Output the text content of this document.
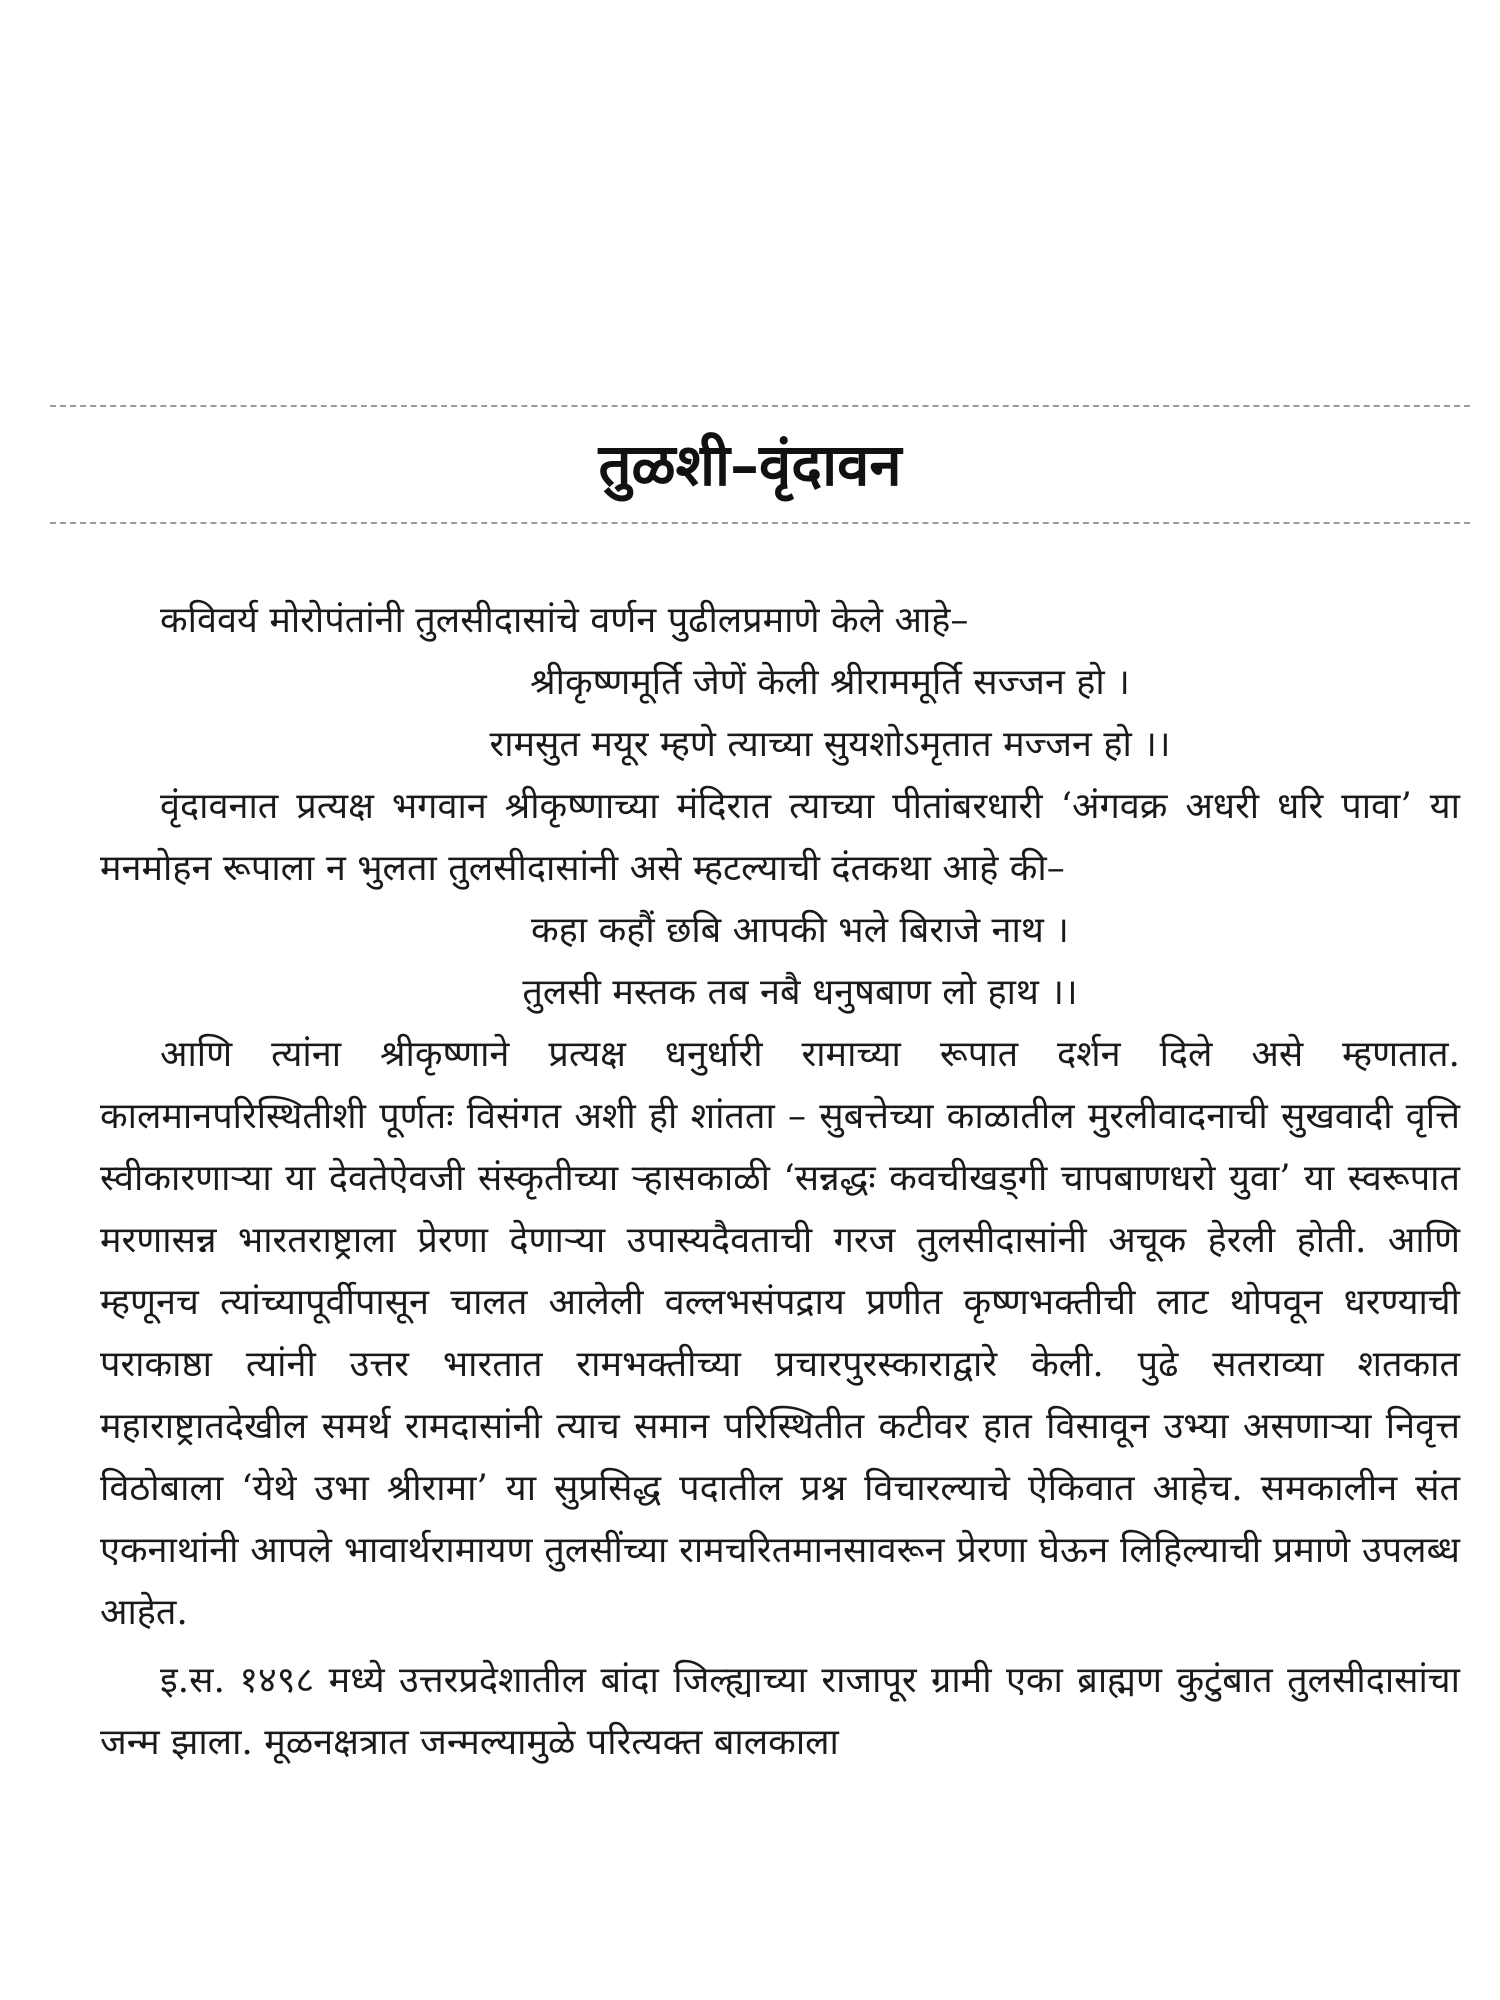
तुळशी–वृंदावन

कविवर्य मोरोपंतांनी तुलसीदासांचे वर्णन पुढीलप्रमाणे केले आहे–

श्रीकृष्णमूर्ति जेणें केली श्रीराममूर्ति सज्जन हो ।

रामसुत मयूर म्हणे त्याच्या सुयशोऽमृतात मज्जन हो ।।

वृंदावनात प्रत्यक्ष भगवान श्रीकृष्णाच्या मंदिरात त्याच्या पीतांबरधारी ‘अंगवक्र अधरी धरि पावा’ या मनमोहन रूपाला न भुलता तुलसीदासांनी असे म्हटल्याची दंतकथा आहे की–

कहा कहौं छबि आपकी भले बिराजे नाथ ।

तुलसी मस्तक तब नबै धनुषबाण लो हाथ ।।

आणि त्यांना श्रीकृष्णाने प्रत्यक्ष धनुर्धारी रामाच्या रूपात दर्शन दिले असे म्हणतात. कालमानपरिस्थितीशी पूर्णतः विसंगत अशी ही शांतता – सुबत्तेच्या काळातील मुरलीवादनाची सुखवादी वृत्ति स्वीकारणाऱ्या या देवतेऐवजी संस्कृतीच्या ऱ्हासकाळी ‘सन्नद्धः कवचीखड्गी चापबाणधरो युवा’ या स्वरूपात मरणासन्न भारतराष्ट्राला प्रेरणा देणाऱ्या उपास्यदैवताची गरज तुलसीदासांनी अचूक हेरली होती. आणि म्हणूनच त्यांच्यापूर्वीपासून चालत आलेली वल्लभसंपद्राय प्रणीत कृष्णभक्तीची लाट थोपवून धरण्याची पराकाष्ठा त्यांनी उत्तर भारतात रामभक्तीच्या प्रचारपुरस्काराद्वारे केली. पुढे सतराव्या शतकात महाराष्ट्रातदेखील समर्थ रामदासांनी त्याच समान परिस्थितीत कटीवर हात विसावून उभ्या असणाऱ्या निवृत्त विठोबाला ‘येथे उभा श्रीरामा’ या सुप्रसिद्ध पदातील प्रश्न विचारल्याचे ऐकिवात आहेच. समकालीन संत एकनाथांनी आपले भावार्थरामायण तुलसींच्या रामचरितमानसावरून प्रेरणा घेऊन लिहिल्याची प्रमाणे उपलब्ध आहेत.

इ.स. १४९८ मध्ये उत्तरप्रदेशातील बांदा जिल्ह्याच्या राजापूर ग्रामी एका ब्राह्मण कुटुंबात तुलसीदासांचा जन्म झाला. मूळनक्षत्रात जन्मल्यामुळे परित्यक्त बालकाला
